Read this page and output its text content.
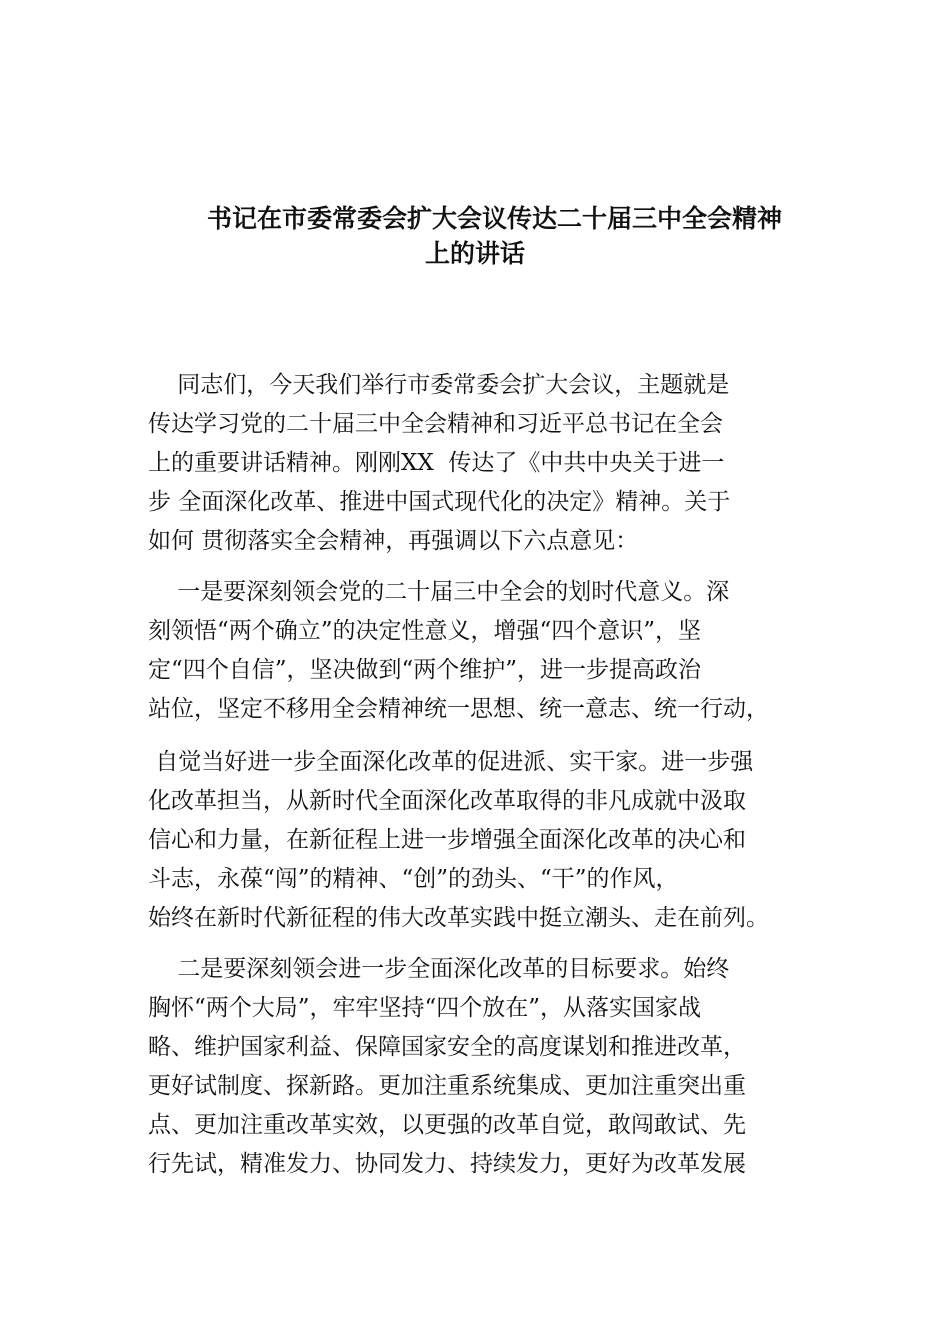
书记在市委常委会扩大会议传达二十届三中全会精神
上的讲话

同志们，今天我们举行市委常委会扩大会议，主题就是

传达学习党的二十届三中全会精神和习近平总书记在全会

上的重要讲话精神。刚刚XX  传达了《中共中央关于进一

步 全面深化改革、推进中国式现代化的决定》精神。关于

如何 贯彻落实全会精神，再强调以下六点意见：

一是要深刻领会党的二十届三中全会的划时代意义。深

刻领悟“两个确立”的决定性意义，增强“四个意识”，坚

定“四个自信”，坚决做到“两个维护”，进一步提高政治

站位，坚定不移用全会精神统一思想、统一意志、统一行动，

自觉当好进一步全面深化改革的促进派、实干家。进一步强

化改革担当，从新时代全面深化改革取得的非凡成就中汲取

信心和力量，在新征程上进一步增强全面深化改革的决心和

斗志，永葆“闯”的精神、“创”的劲头、“干”的作风，

始终在新时代新征程的伟大改革实践中挺立潮头、走在前列。

二是要深刻领会进一步全面深化改革的目标要求。始终

胸怀“两个大局”，牢牢坚持“四个放在”，从落实国家战

略、维护国家利益、保障国家安全的高度谋划和推进改革，

更好试制度、探新路。更加注重系统集成、更加注重突出重

点、更加注重改革实效，以更强的改革自觉，敢闯敢试、先

行先试，精准发力、协同发力、持续发力，更好为改革发展
